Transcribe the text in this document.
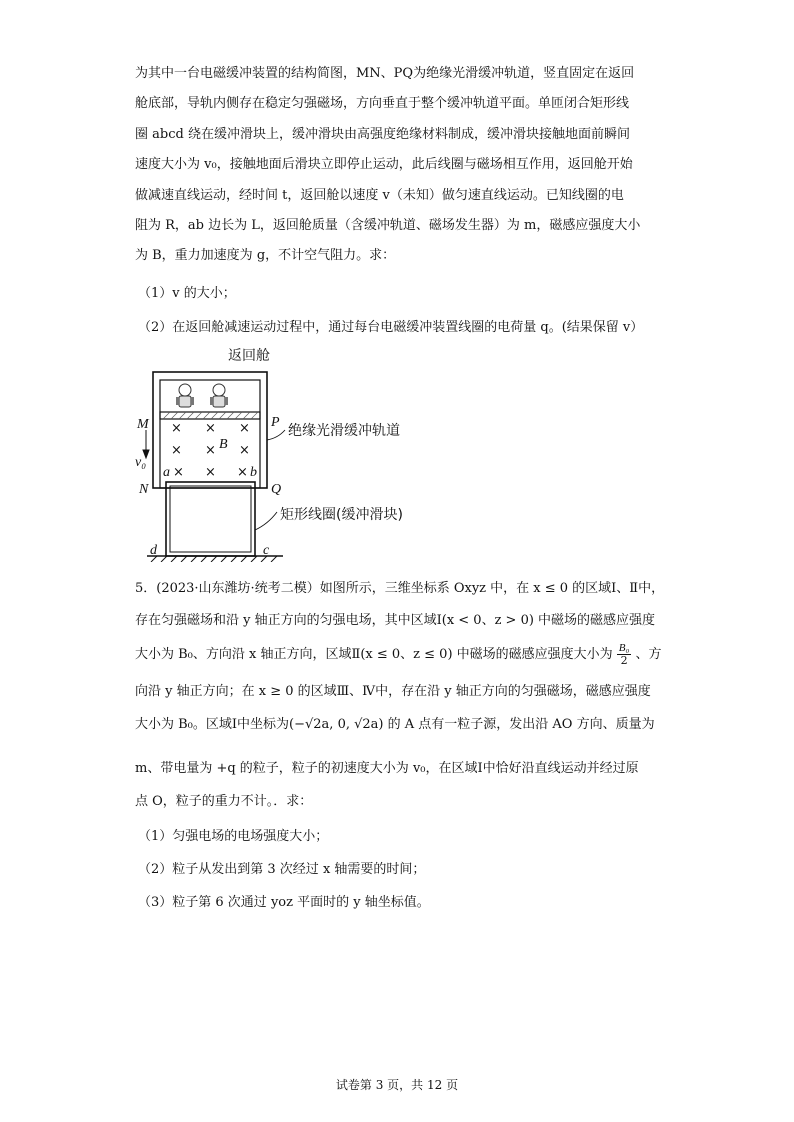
为其中一台电磁缓冲装置的结构简图，MN、PQ为绝缘光滑缓冲轨道，竖直固定在返回
舱底部，导轨内侧存在稳定匀强磁场，方向垂直于整个缓冲轨道平面。单匝闭合矩形线
圈 abcd 绕在缓冲滑块上，缓冲滑块由高强度绝缘材料制成，缓冲滑块接触地面前瞬间
速度大小为 v₀，接触地面后滑块立即停止运动，此后线圈与磁场相互作用，返回舱开始
做减速直线运动，经时间 t，返回舱以速度 v（未知）做匀速直线运动。已知线圈的电
阻为 R，ab 边长为 L，返回舱质量（含缓冲轨道、磁场发生器）为 m，磁感应强度大小
为 B，重力加速度为 g，不计空气阻力。求：

（1）v 的大小；

（2）在返回舱减速运动过程中，通过每台电磁缓冲装置线圈的电荷量 q。(结果保留 v）

× × ×
× × ×
× × ×
返回舱
绝缘光滑缓冲轨道
矩形线圈(缓冲滑块)
M
N
P
Q
a	b
c
d
B
v₀

5．(2023·山东潍坊·统考二模）如图所示，三维坐标系 Oxyz 中，在 x ≤ 0 的区域Ⅰ、Ⅱ中，

存在匀强磁场和沿 y 轴正方向的匀强电场，其中区域Ⅰ(x < 0、z > 0) 中磁场的磁感应强度

大小为 B₀、方向沿 x 轴正方向，区域Ⅱ(x ≤ 0、z ≤ 0) 中磁场的磁感应强度大小为 $\frac{\text{B₀}}{2}$ 、方

向沿 y 轴正方向；在 x ≥ 0 的区域Ⅲ、Ⅳ中，存在沿 y 轴正方向的匀强磁场，磁感应强度

大小为 B₀。区域Ⅰ中坐标为(−√2a, 0, √2a) 的 A 点有一粒子源，发出沿 AO 方向、质量为

m、带电量为 +q 的粒子，粒子的初速度大小为 v₀，在区域Ⅰ中恰好沿直线运动并经过原

点 O，粒子的重力不计。．求：

（1）匀强电场的电场强度大小；

（2）粒子从发出到第 3 次经过 x 轴需要的时间；

（3）粒子第 6 次通过 yoz 平面时的 y 轴坐标值。

试卷第 3 页，共 12 页
